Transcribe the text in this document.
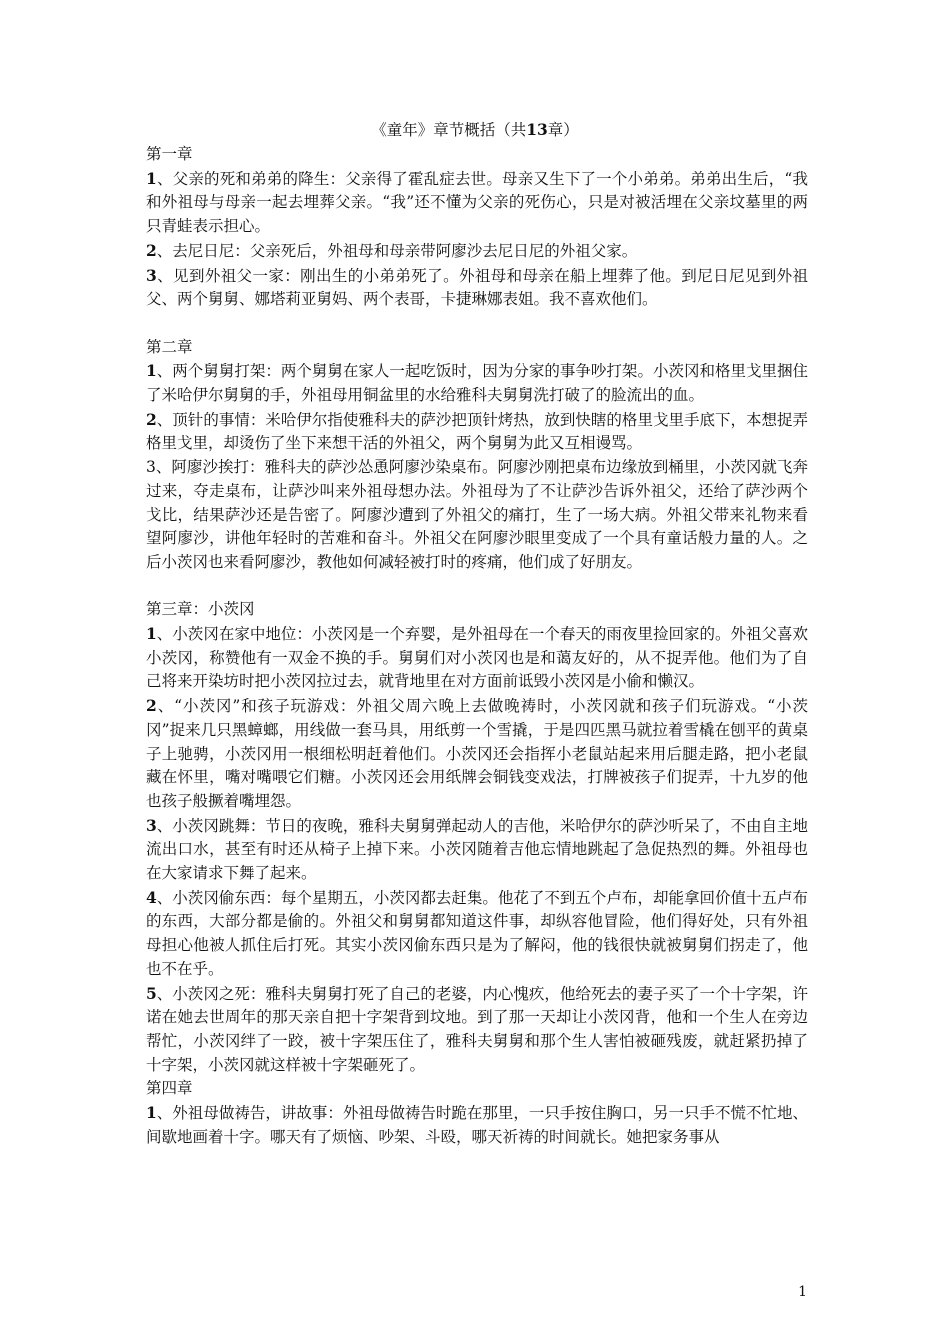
《童年》章节概括（共13章）

第一章

1、父亲的死和弟弟的降生：父亲得了霍乱症去世。母亲又生下了一个小弟弟。弟弟出生后，“我和外祖母与母亲一起去埋葬父亲。“我”还不懂为父亲的死伤心，只是对被活埋在父亲坟墓里的两只青蛙表示担心。

2、去尼日尼：父亲死后，外祖母和母亲带阿廖沙去尼日尼的外祖父家。

3、见到外祖父一家：刚出生的小弟弟死了。外祖母和母亲在船上埋葬了他。到尼日尼见到外祖父、两个舅舅、娜塔莉亚舅妈、两个表哥，卡捷琳娜表姐。我不喜欢他们。

第二章

1、两个舅舅打架：两个舅舅在家人一起吃饭时，因为分家的事争吵打架。小茨冈和格里戈里捆住了米哈伊尔舅舅的手，外祖母用铜盆里的水给雅科夫舅舅洗打破了的脸流出的血。

2、顶针的事情：米哈伊尔指使雅科夫的萨沙把顶针烤热，放到快瞎的格里戈里手底下，本想捉弄格里戈里，却烫伤了坐下来想干活的外祖父，两个舅舅为此又互相谩骂。

3、阿廖沙挨打：雅科夫的萨沙怂恿阿廖沙染桌布。阿廖沙刚把桌布边缘放到桶里，小茨冈就飞奔过来，夺走桌布，让萨沙叫来外祖母想办法。外祖母为了不让萨沙告诉外祖父，还给了萨沙两个戈比，结果萨沙还是告密了。阿廖沙遭到了外祖父的痛打，生了一场大病。外祖父带来礼物来看望阿廖沙，讲他年轻时的苦难和奋斗。外祖父在阿廖沙眼里变成了一个具有童话般力量的人。之后小茨冈也来看阿廖沙，教他如何减轻被打时的疼痛，他们成了好朋友。

第三章：小茨冈

1、小茨冈在家中地位：小茨冈是一个弃婴，是外祖母在一个春天的雨夜里捡回家的。外祖父喜欢小茨冈，称赞他有一双金不换的手。舅舅们对小茨冈也是和蔼友好的，从不捉弄他。他们为了自己将来开染坊时把小茨冈拉过去，就背地里在对方面前诋毁小茨冈是小偷和懒汉。

2、“小茨冈”和孩子玩游戏：外祖父周六晚上去做晚祷时，小茨冈就和孩子们玩游戏。“小茨冈”捉来几只黑蟑螂，用线做一套马具，用纸剪一个雪撬，于是四匹黑马就拉着雪橇在刨平的黄桌子上驰骋，小茨冈用一根细松明赶着他们。小茨冈还会指挥小老鼠站起来用后腿走路，把小老鼠藏在怀里，嘴对嘴喂它们糖。小茨冈还会用纸牌会铜钱变戏法，打牌被孩子们捉弄，十九岁的他也孩子般撅着嘴埋怨。

3、小茨冈跳舞：节日的夜晚，雅科夫舅舅弹起动人的吉他，米哈伊尔的萨沙听呆了，不由自主地流出口水，甚至有时还从椅子上掉下来。小茨冈随着吉他忘情地跳起了急促热烈的舞。外祖母也在大家请求下舞了起来。

4、小茨冈偷东西：每个星期五，小茨冈都去赶集。他花了不到五个卢布，却能拿回价值十五卢布的东西，大部分都是偷的。外祖父和舅舅都知道这件事，却纵容他冒险，他们得好处，只有外祖母担心他被人抓住后打死。其实小茨冈偷东西只是为了解闷，他的钱很快就被舅舅们拐走了，他也不在乎。

5、小茨冈之死：雅科夫舅舅打死了自己的老婆，内心愧疚，他给死去的妻子买了一个十字架，许诺在她去世周年的那天亲自把十字架背到坟地。到了那一天却让小茨冈背，他和一个生人在旁边帮忙，小茨冈绊了一跤，被十字架压住了，雅科夫舅舅和那个生人害怕被砸残废，就赶紧扔掉了十字架，小茨冈就这样被十字架砸死了。

第四章

1、外祖母做祷告，讲故事：外祖母做祷告时跪在那里，一只手按住胸口，另一只手不慌不忙地、间歇地画着十字。哪天有了烦恼、吵架、斗殴，哪天祈祷的时间就长。她把家务事从

1
